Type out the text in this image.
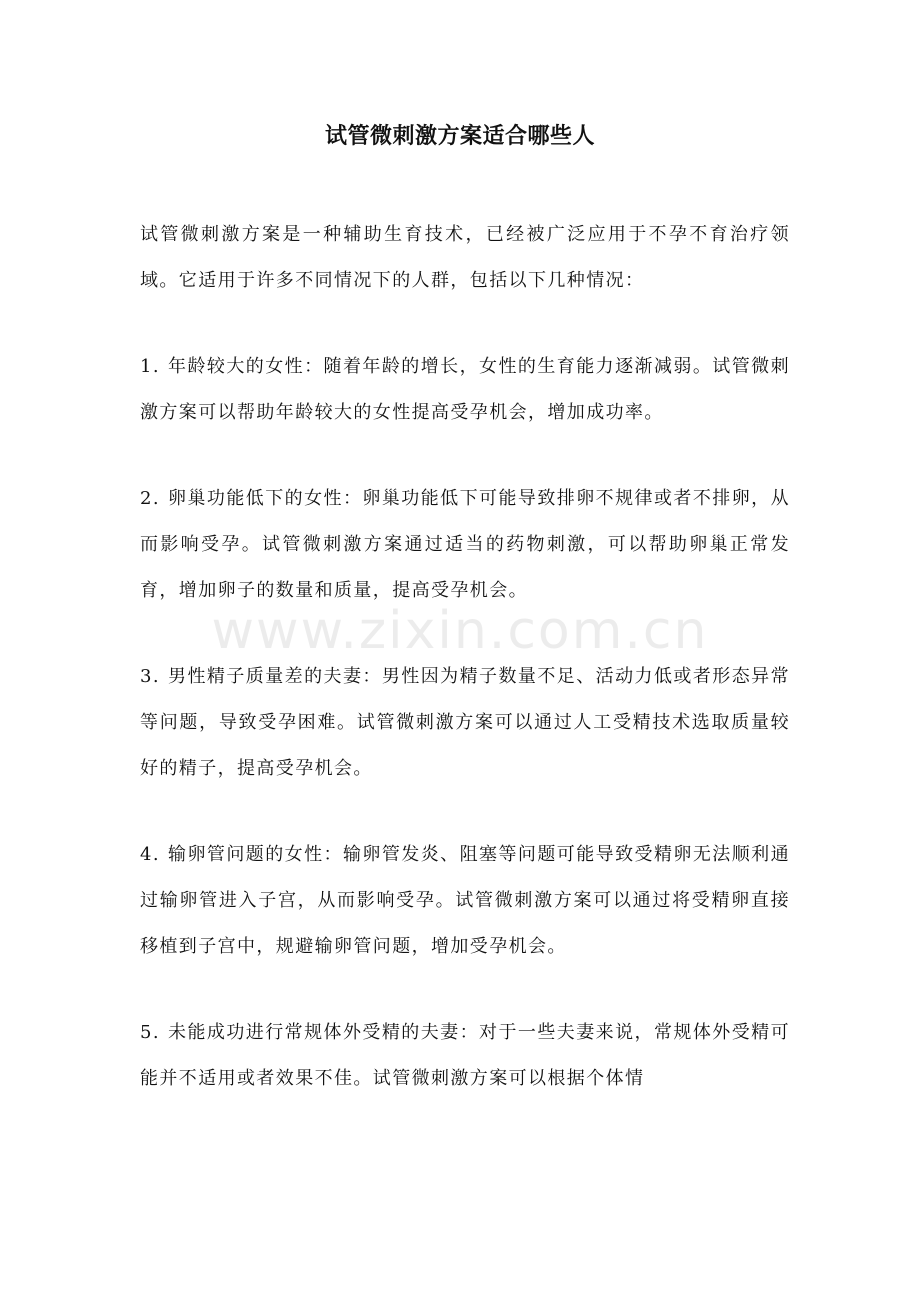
试管微刺激方案适合哪些人

试管微刺激方案是一种辅助生育技术，已经被广泛应用于不孕不育治疗领域。它适用于许多不同情况下的人群，包括以下几种情况：

1. 年龄较大的女性：随着年龄的增长，女性的生育能力逐渐减弱。试管微刺激方案可以帮助年龄较大的女性提高受孕机会，增加成功率。

2. 卵巢功能低下的女性：卵巢功能低下可能导致排卵不规律或者不排卵，从而影响受孕。试管微刺激方案通过适当的药物刺激，可以帮助卵巢正常发育，增加卵子的数量和质量，提高受孕机会。

3. 男性精子质量差的夫妻：男性因为精子数量不足、活动力低或者形态异常等问题，导致受孕困难。试管微刺激方案可以通过人工受精技术选取质量较好的精子，提高受孕机会。

4. 输卵管问题的女性：输卵管发炎、阻塞等问题可能导致受精卵无法顺利通过输卵管进入子宫，从而影响受孕。试管微刺激方案可以通过将受精卵直接移植到子宫中，规避输卵管问题，增加受孕机会。

5. 未能成功进行常规体外受精的夫妻：对于一些夫妻来说，常规体外受精可能并不适用或者效果不佳。试管微刺激方案可以根据个体情

www.zixin.com.cn
